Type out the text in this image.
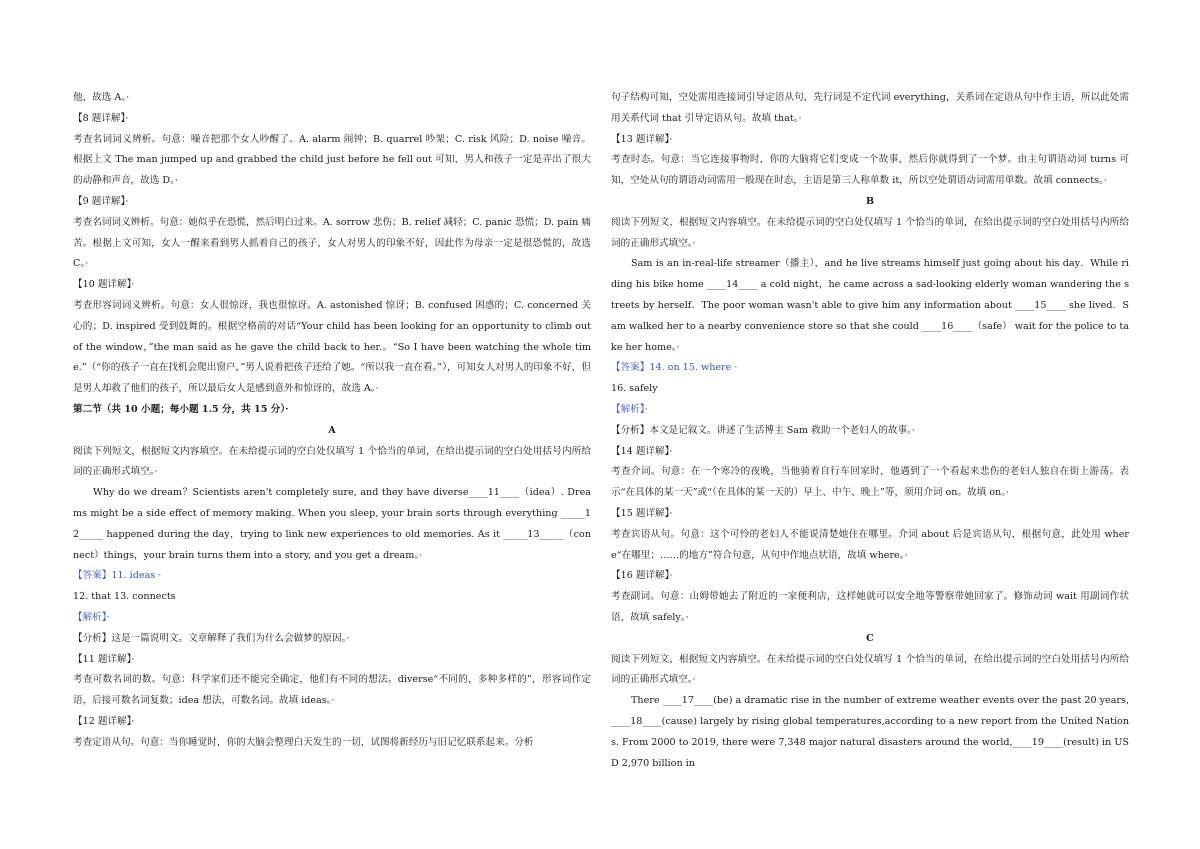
他，故选 A。·

【8 题详解】·

考查名词词义辨析。句意：噪音把那个女人吵醒了。A. alarm 闹钟；B. quarrel 吵架；C. risk 风险；D. noise 噪音。根据上文 The man jumped up and grabbed the child just before he fell out 可知，男人和孩子一定是弄出了很大的动静和声音，故选 D。·

【9 题详解】·

考查名词词义辨析。句意：她似乎在恐慌，然后明白过来。A. sorrow 悲伤；B. relief 减轻；C. panic 恐慌；D. pain 痛苦。根据上文可知，女人一醒来看到男人抓着自己的孩子，女人对男人的印象不好，因此作为母亲一定是很恐慌的，故选 C。·

【10 题详解】·

考查形容词词义辨析。句意：女人很惊讶，我也很惊讶。A. astonished 惊讶；B. confused 困惑的；C. concerned 关心的；D. inspired 受到鼓舞的。根据空格前的对话“Your child has been looking for an opportunity to climb out of the window，”the man said as he gave the child back to her.。“So I have been watching the whole time.”（“你的孩子一直在找机会爬出窗户，”男人说着把孩子还给了她。“所以我一直在看。”），可知女人对男人的印象不好，但是男人却救了他们的孩子，所以最后女人是感到意外和惊讶的，故选 A。·

第二节（共 10 小题；每小题 1.5 分，共 15 分）·

A

阅读下列短文，根据短文内容填空。在未给提示词的空白处仅填写 1 个恰当的单词，在给出提示词的空白处用括号内所给词的正确形式填空。·

Why do we dream？Scientists aren't completely sure, and they have diverse____11____（idea）. Dreams might be a side effect of memory making. When you sleep, your brain sorts through everything _____12_____ happened during the day，trying to link new experiences to old memories. As it _____13_____（connect）things，your brain turns them into a story, and you get a dream。·

【答案】11. ideas ·

12. that 13. connects

【解析】·

【分析】这是一篇说明文。文章解释了我们为什么会做梦的原因。·

【11 题详解】·

考查可数名词的数。句意：科学家们还不能完全确定，他们有不同的想法。diverse“不同的，多种多样的”，形容词作定语，后接可数名词复数；idea 想法，可数名词。故填 ideas。·

【12 题详解】·

考查定语从句。句意：当你睡觉时，你的大脑会整理白天发生的一切，试图将新经历与旧记忆联系起来。分析

句子结构可知，空处需用连接词引导定语从句，先行词是不定代词 everything，关系词在定语从句中作主语，所以此处需用关系代词 that 引导定语从句。故填 that。·

【13 题详解】·

考查时态。句意：当它连接事物时，你的大脑将它们变成一个故事，然后你就得到了一个梦。由主句谓语动词 turns 可知，空处从句的谓语动词需用一般现在时态，主语是第三人称单数 it，所以空处谓语动词需用单数。故填 connects。·

B

阅读下列短文，根据短文内容填空。在未给提示词的空白处仅填写 1 个恰当的单词，在给出提示词的空白处用括号内所给词的正确形式填空。·

Sam is an in-real-life streamer（播主），and he live streams himself just going about his day．While riding his bike home ____14____ a cold night，he came across a sad-looking elderly woman wandering the streets by herself．The poor woman wasn't able to give him any information about ____15____ she lived．Sam walked her to a nearby convenience store so that she could ____16____（safe） wait for the police to take her home。·

【答案】14. on 15. where ·

16. safely

【解析】·

【分析】本文是记叙文。讲述了生活博主 Sam 救助一个老妇人的故事。·

【14 题详解】·

考查介词。句意：在一个寒冷的夜晚，当他骑着自行车回家时，他遇到了一个看起来悲伤的老妇人独自在街上游荡。表示“在具体的某一天”或“（在具体的某一天的）早上、中午、晚上”等，须用介词 on。故填 on。·

【15 题详解】·

考查宾语从句。句意：这个可怜的老妇人不能说清楚她住在哪里。介词 about 后是宾语从句，根据句意，此处用 where“在哪里；……的地方”符合句意，从句中作地点状语，故填 where。·

【16 题详解】·

考查副词。句意：山姆带她去了附近的一家便利店，这样她就可以安全地等警察带她回家了。修饰动词 wait 用副词作状语，故填 safely。·

C

阅读下列短文，根据短文内容填空。在未给提示词的空白处仅填写 1 个恰当的单词，在给出提示词的空白处用括号内所给词的正确形式填空。·

There ____17____(be) a dramatic rise in the number of extreme weather events over the past 20 years,____18____(cause) largely by rising global temperatures,according to a new report from the United Nations. From 2000 to 2019, there were 7,348 major natural disasters around the world,____19____(result) in USD 2,970 billion in
